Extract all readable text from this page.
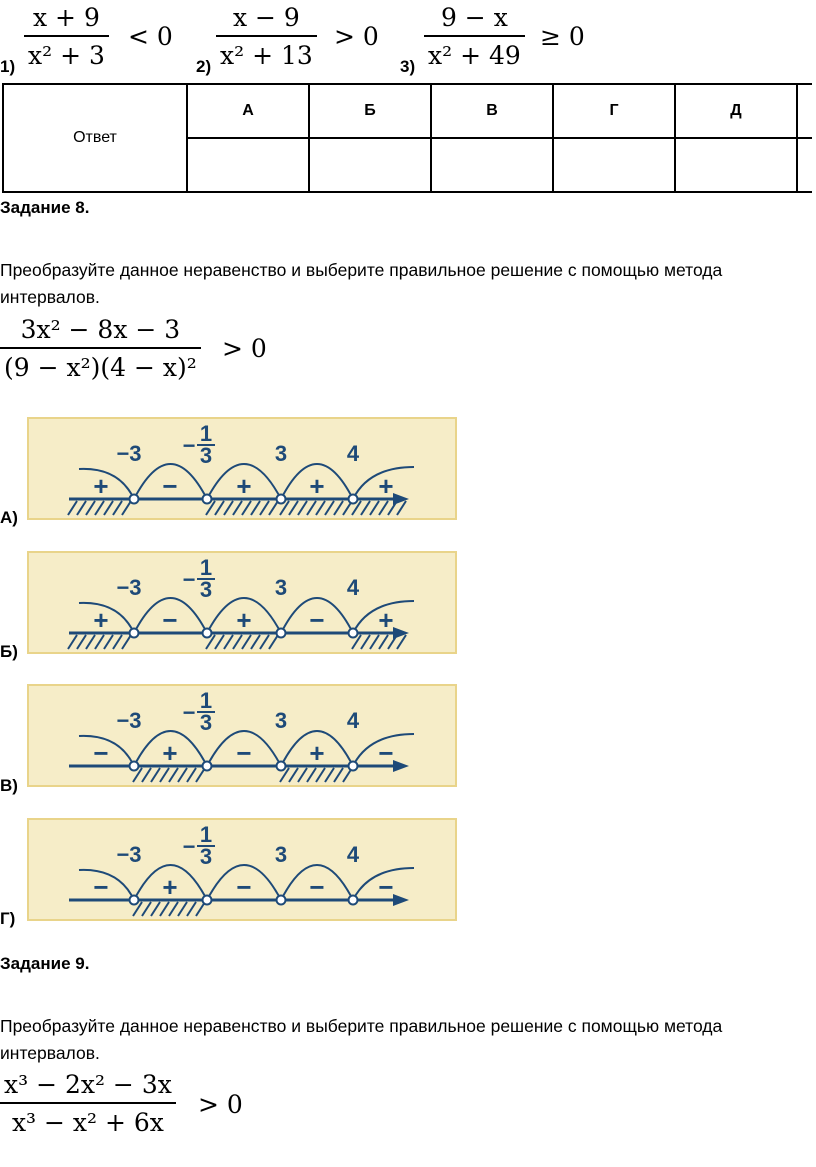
x + 9
x² + 3
< 0
1)
x − 9
x² + 13
> 0
2)
9 − x
x² + 49
≥ 0
3)
Ответ	А	Б	В	Г	Д	

Задание 8.
Преобразуйте данное неравенство и выберите правильное решение с помощью метода интервалов.
3x² − 8x − 3
(9 − x²)(4 − x)²
> 0
−3 − 1
3	3	4
+ − + + +
А)
−3 − 1
3	3	4
+ − + − +
Б)
−3 − 1
3	3	4
− + − + −
В)
−3 − 1
3	3	4
− + − − −
Г)
Задание 9.
Преобразуйте данное неравенство и выберите правильное решение с помощью метода интервалов.
x³ − 2x² − 3x
x³ − x² + 6x
> 0
